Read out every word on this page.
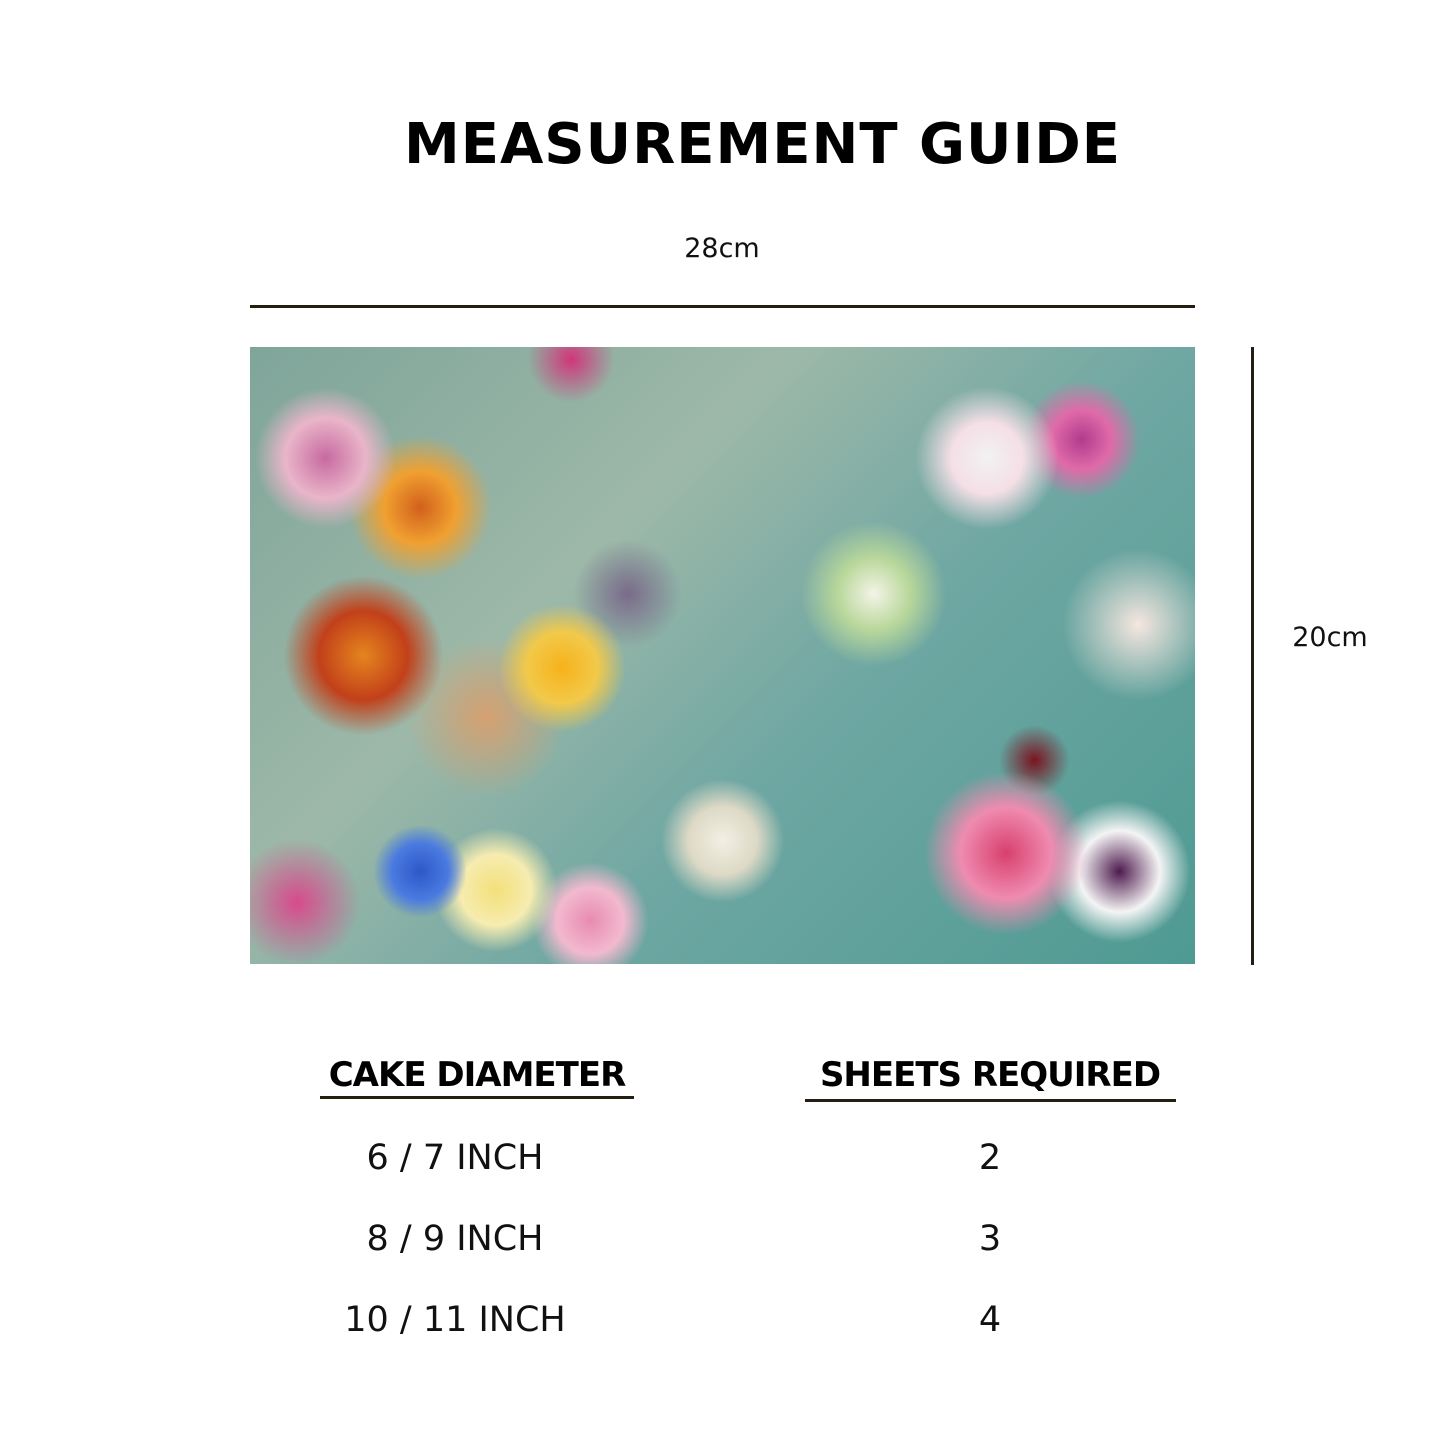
MEASUREMENT GUIDE
28cm
20cm
CAKE DIAMETER	SHEETS REQUIRED
6 / 7 INCH	2
8 / 9 INCH	3
10 / 11 INCH	4
